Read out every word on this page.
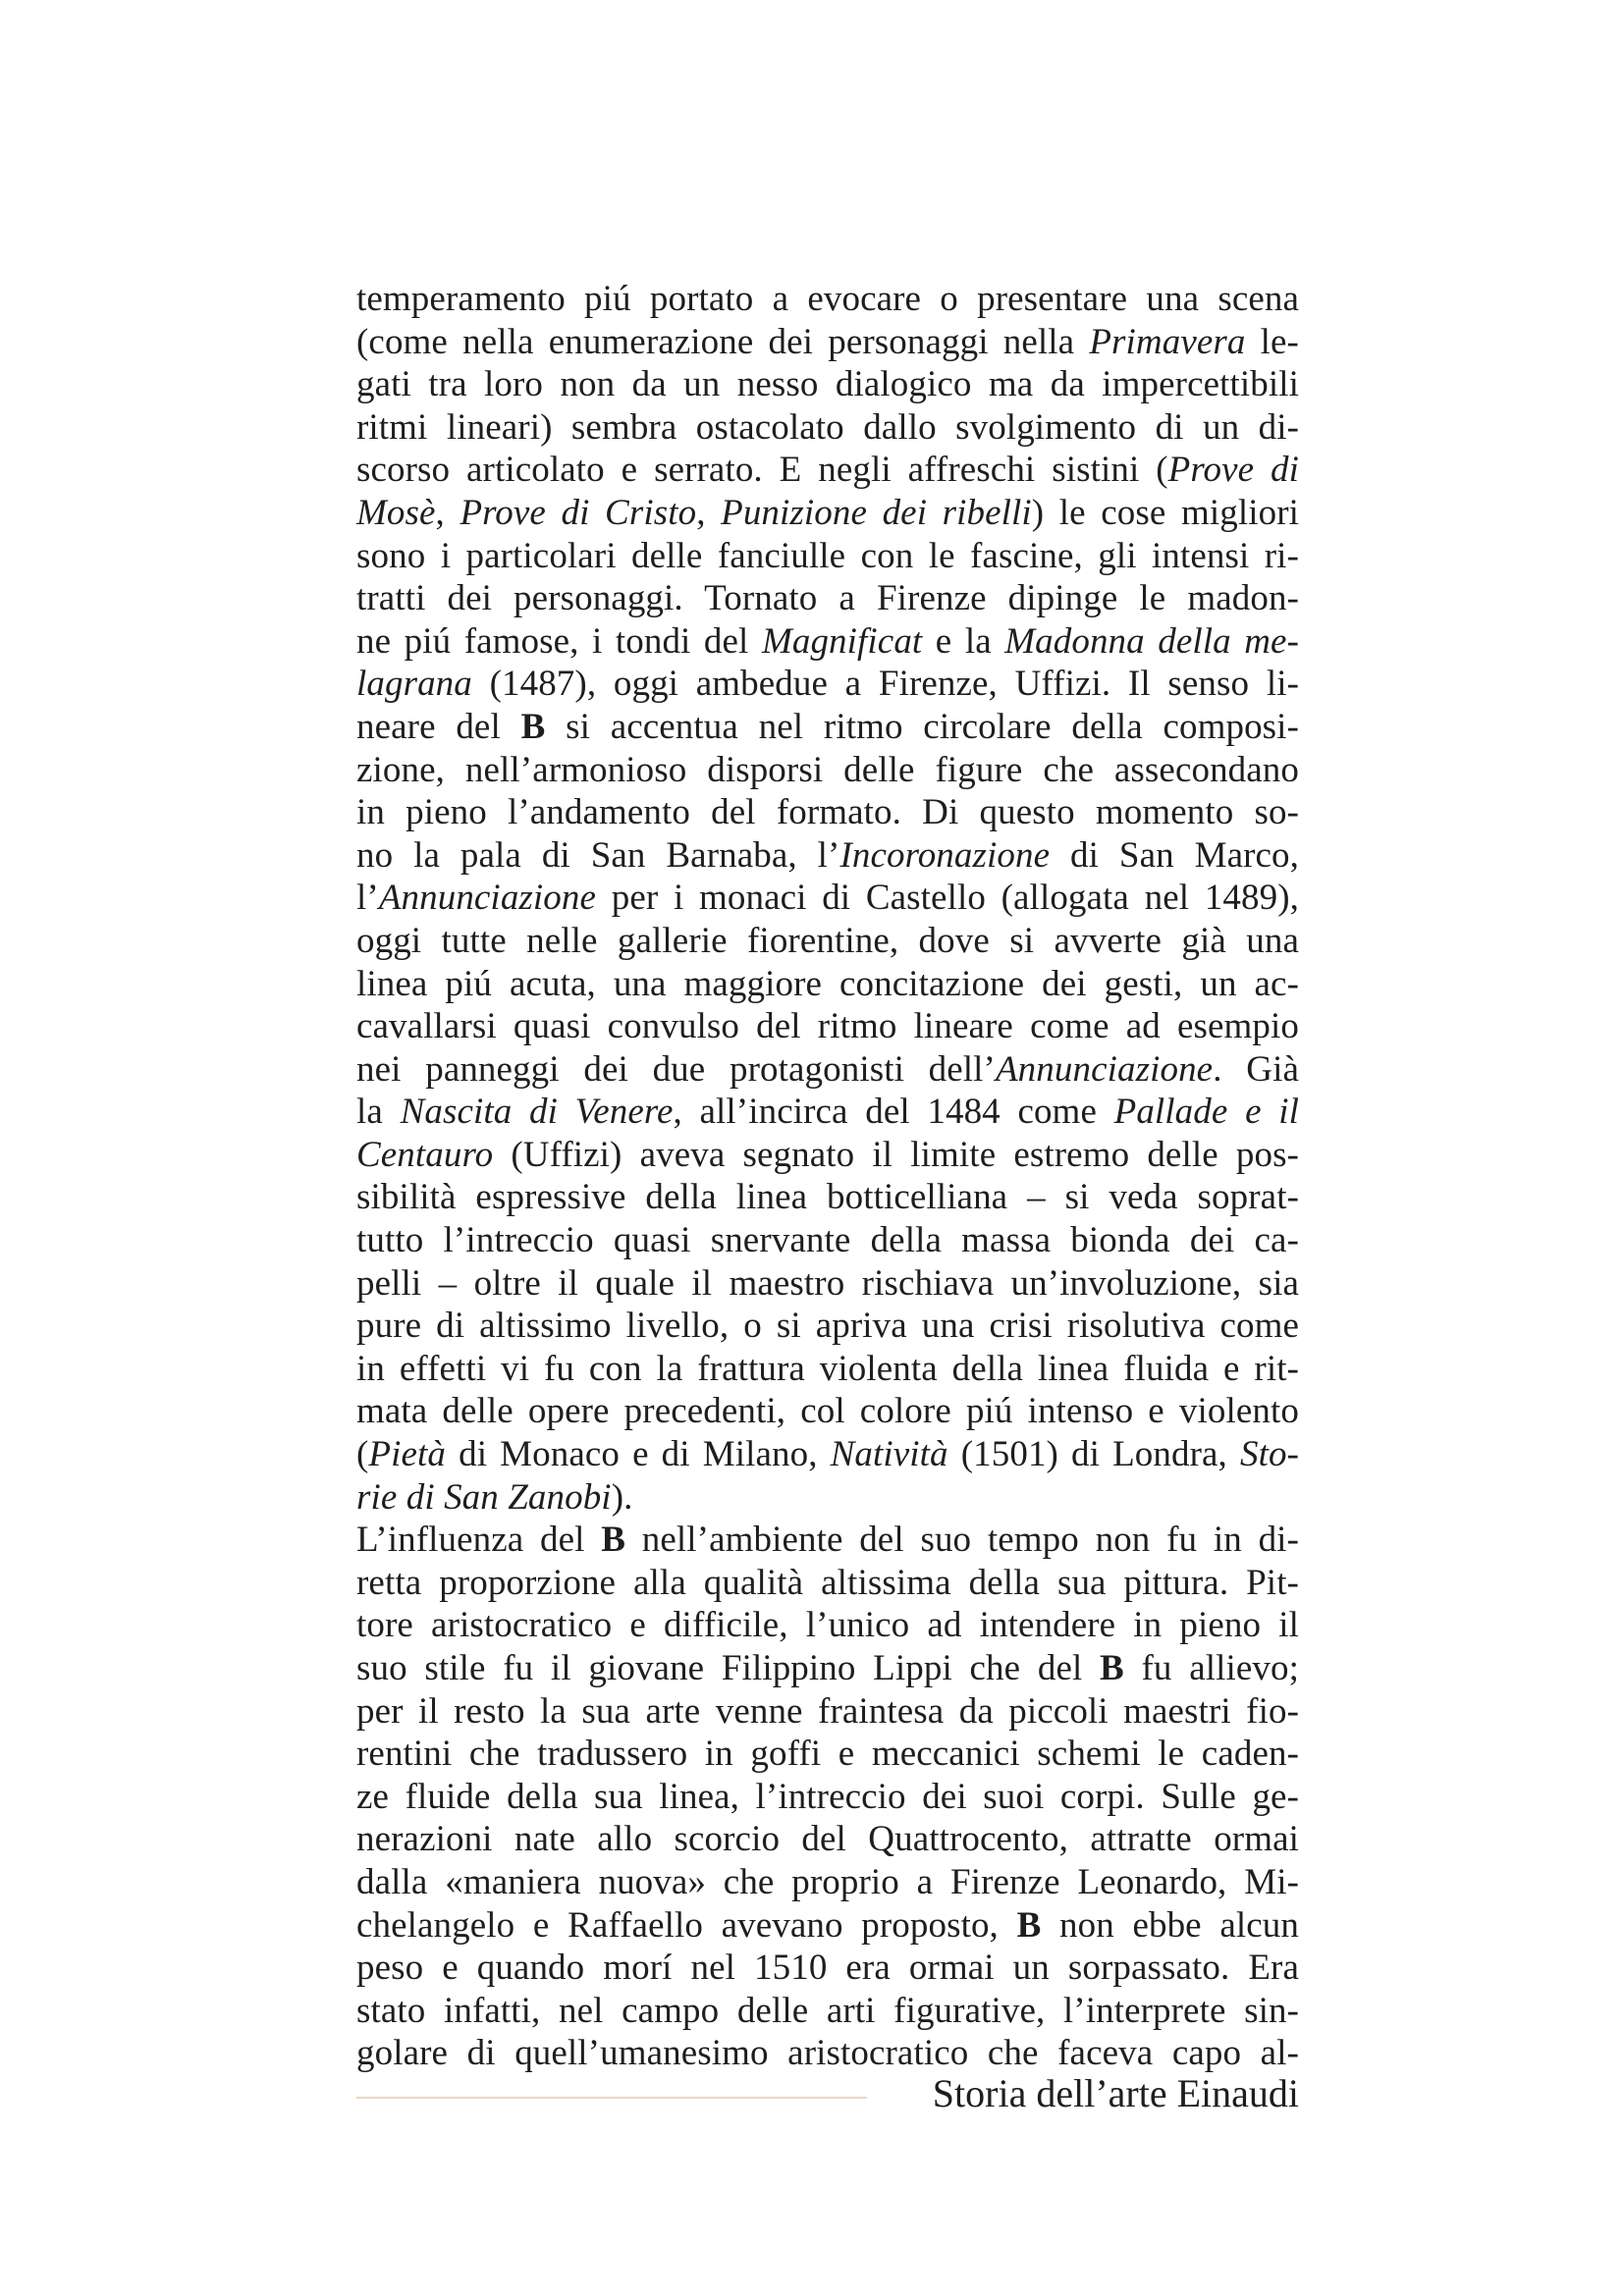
temperamento piú portato a evocare o presentare una scena
(come nella enumerazione dei personaggi nella Primavera le-
gati tra loro non da un nesso dialogico ma da impercettibili
ritmi lineari) sembra ostacolato dallo svolgimento di un di-
scorso articolato e serrato. E negli affreschi sistini (Prove di
Mosè, Prove di Cristo, Punizione dei ribelli) le cose migliori
sono i particolari delle fanciulle con le fascine, gli intensi ri-
tratti dei personaggi. Tornato a Firenze dipinge le madon-
ne piú famose, i tondi del Magnificat e la Madonna della me-
lagrana (1487), oggi ambedue a Firenze, Uffizi. Il senso li-
neare del B si accentua nel ritmo circolare della composi-
zione, nell’armonioso disporsi delle figure che assecondano
in pieno l’andamento del formato. Di questo momento so-
no la pala di San Barnaba, l’Incoronazione di San Marco,
l’Annunciazione per i monaci di Castello (allogata nel 1489),
oggi tutte nelle gallerie fiorentine, dove si avverte già una
linea piú acuta, una maggiore concitazione dei gesti, un ac-
cavallarsi quasi convulso del ritmo lineare come ad esempio
nei panneggi dei due protagonisti dell’Annunciazione. Già
la Nascita di Venere, all’incirca del 1484 come Pallade e il
Centauro (Uffizi) aveva segnato il limite estremo delle pos-
sibilità espressive della linea botticelliana – si veda soprat-
tutto l’intreccio quasi snervante della massa bionda dei ca-
pelli – oltre il quale il maestro rischiava un’involuzione, sia
pure di altissimo livello, o si apriva una crisi risolutiva come
in effetti vi fu con la frattura violenta della linea fluida e rit-
mata delle opere precedenti, col colore piú intenso e violento
(Pietà di Monaco e di Milano, Natività (1501) di Londra, Sto-
rie di San Zanobi).
L’influenza del B nell’ambiente del suo tempo non fu in di-
retta proporzione alla qualità altissima della sua pittura. Pit-
tore aristocratico e difficile, l’unico ad intendere in pieno il
suo stile fu il giovane Filippino Lippi che del B fu allievo;
per il resto la sua arte venne fraintesa da piccoli maestri fio-
rentini che tradussero in goffi e meccanici schemi le caden-
ze fluide della sua linea, l’intreccio dei suoi corpi. Sulle ge-
nerazioni nate allo scorcio del Quattrocento, attratte ormai
dalla «maniera nuova» che proprio a Firenze Leonardo, Mi-
chelangelo e Raffaello avevano proposto, B non ebbe alcun
peso e quando morí nel 1510 era ormai un sorpassato. Era
stato infatti, nel campo delle arti figurative, l’interprete sin-
golare di quell’umanesimo aristocratico che faceva capo al-
Storia dell’arte Einaudi
